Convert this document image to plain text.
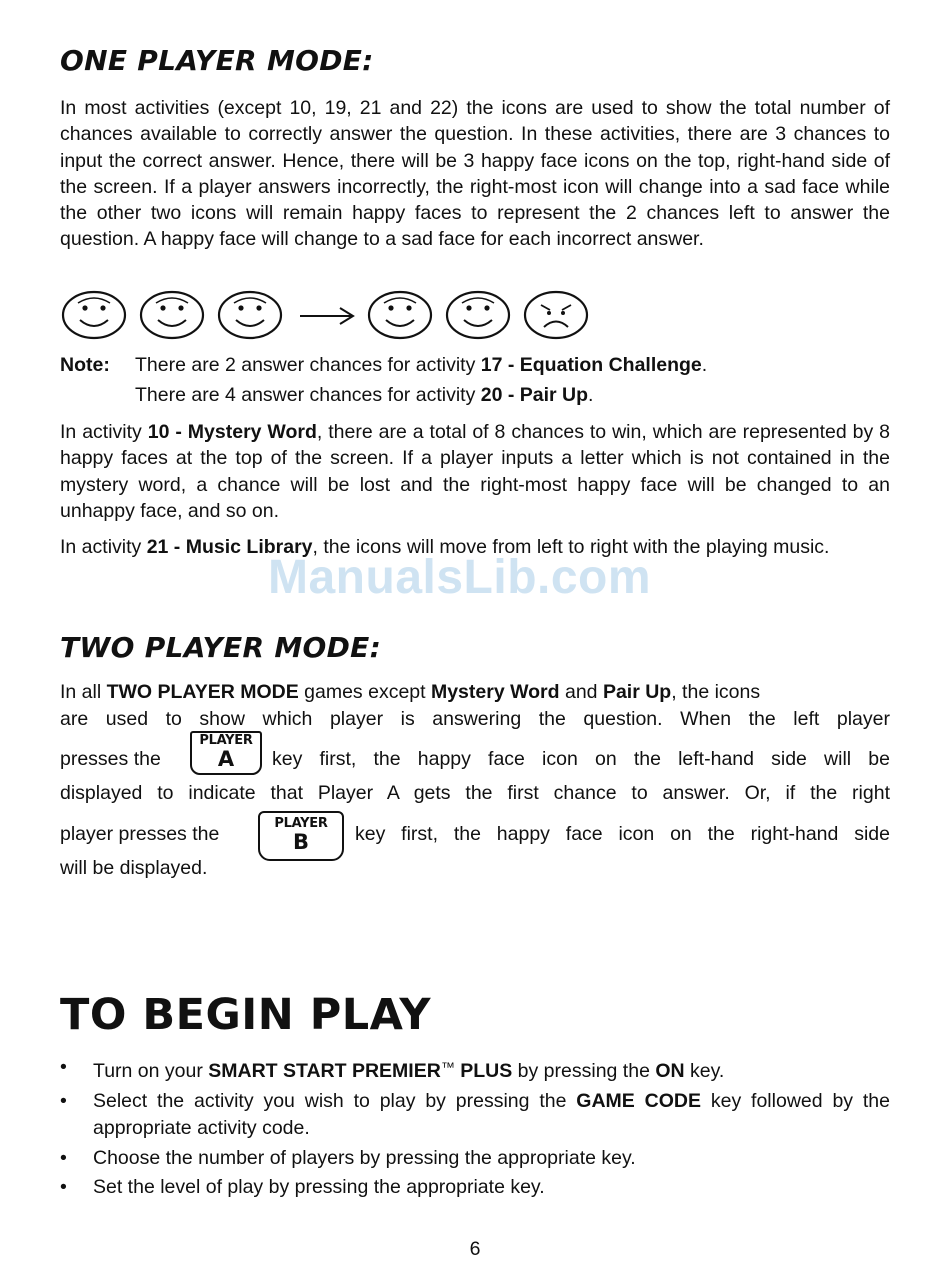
ONE PLAYER MODE:

In most activities (except 10, 19, 21 and 22) the icons are used to show the total number of chances available to correctly answer the question. In these activities, there are 3 chances to input the correct answer. Hence, there will be 3 happy face icons on the top, right-hand side of the screen. If a player answers incorrectly, the right-most icon will change into a sad face while the other two icons will remain happy faces to represent the 2 chances left to answer the question. A happy face will change to a sad face for each incorrect answer.

Note: There are 2 answer chances for activity 17 - Equation Challenge.
There are 4 answer chances for activity 20 - Pair Up.

In activity 10 - Mystery Word, there are a total of 8 chances to win, which are represented by 8 happy faces at the top of the screen. If a player inputs a letter which is not contained in the mystery word, a chance will be lost and the right-most happy face will be changed to an unhappy face, and so on.

In activity 21 - Music Library, the icons will move from left to right with the playing music.

ManualsLib.com
TWO PLAYER MODE:
In all TWO PLAYER MODE games except Mystery Word and Pair Up, the icons
are used to show which player is answering the question. When the left player
presses the	key first, the happy face icon on the left-hand side will be
PLAYER
A
displayed to indicate that Player A gets the first chance to answer. Or, if the right
player presses the	key first, the happy face icon on the right-hand side
PLAYER
B
will be displayed.
TO BEGIN PLAY
• Turn on your SMART START PREMIER™ PLUS by pressing the ON key.
• Select the activity you wish to play by pressing the GAME CODE key followed by the appropriate activity code.
• Choose the number of players by pressing the appropriate key.
• Set the level of play by pressing the appropriate key.
6
